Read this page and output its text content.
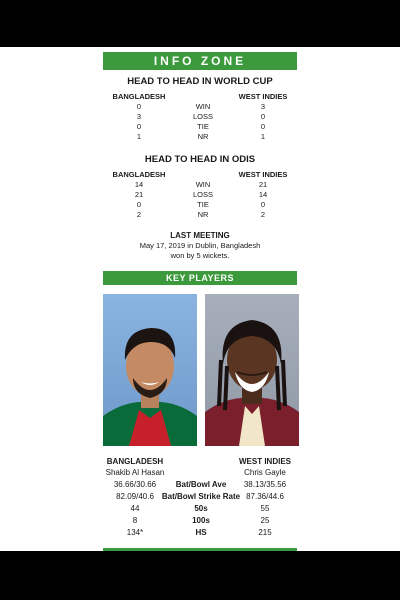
INFO ZONE
HEAD TO HEAD IN WORLD CUP
BANGLADESH	WEST INDIES
0	WIN	3
3	LOSS	0
0	TIE	0
1	NR	1
HEAD TO HEAD IN ODIS
BANGLADESH	WEST INDIES
14	WIN	21
21	LOSS	14
0	TIE	0
2	NR	2
LAST MEETING
May 17, 2019 in Dublin, Bangladesh
won by 5 wickets.
KEY PLAYERS
BANGLADESH	WEST INDIES
Shakib Al Hasan	Chris Gayle
36.66/30.66	Bat/Bowl Ave	38.13/35.56
82.09/40.6 Bat/Bowl Strike Rate 87.36/44.6
44	50s	55
8	100s	25
134*	HS	215
